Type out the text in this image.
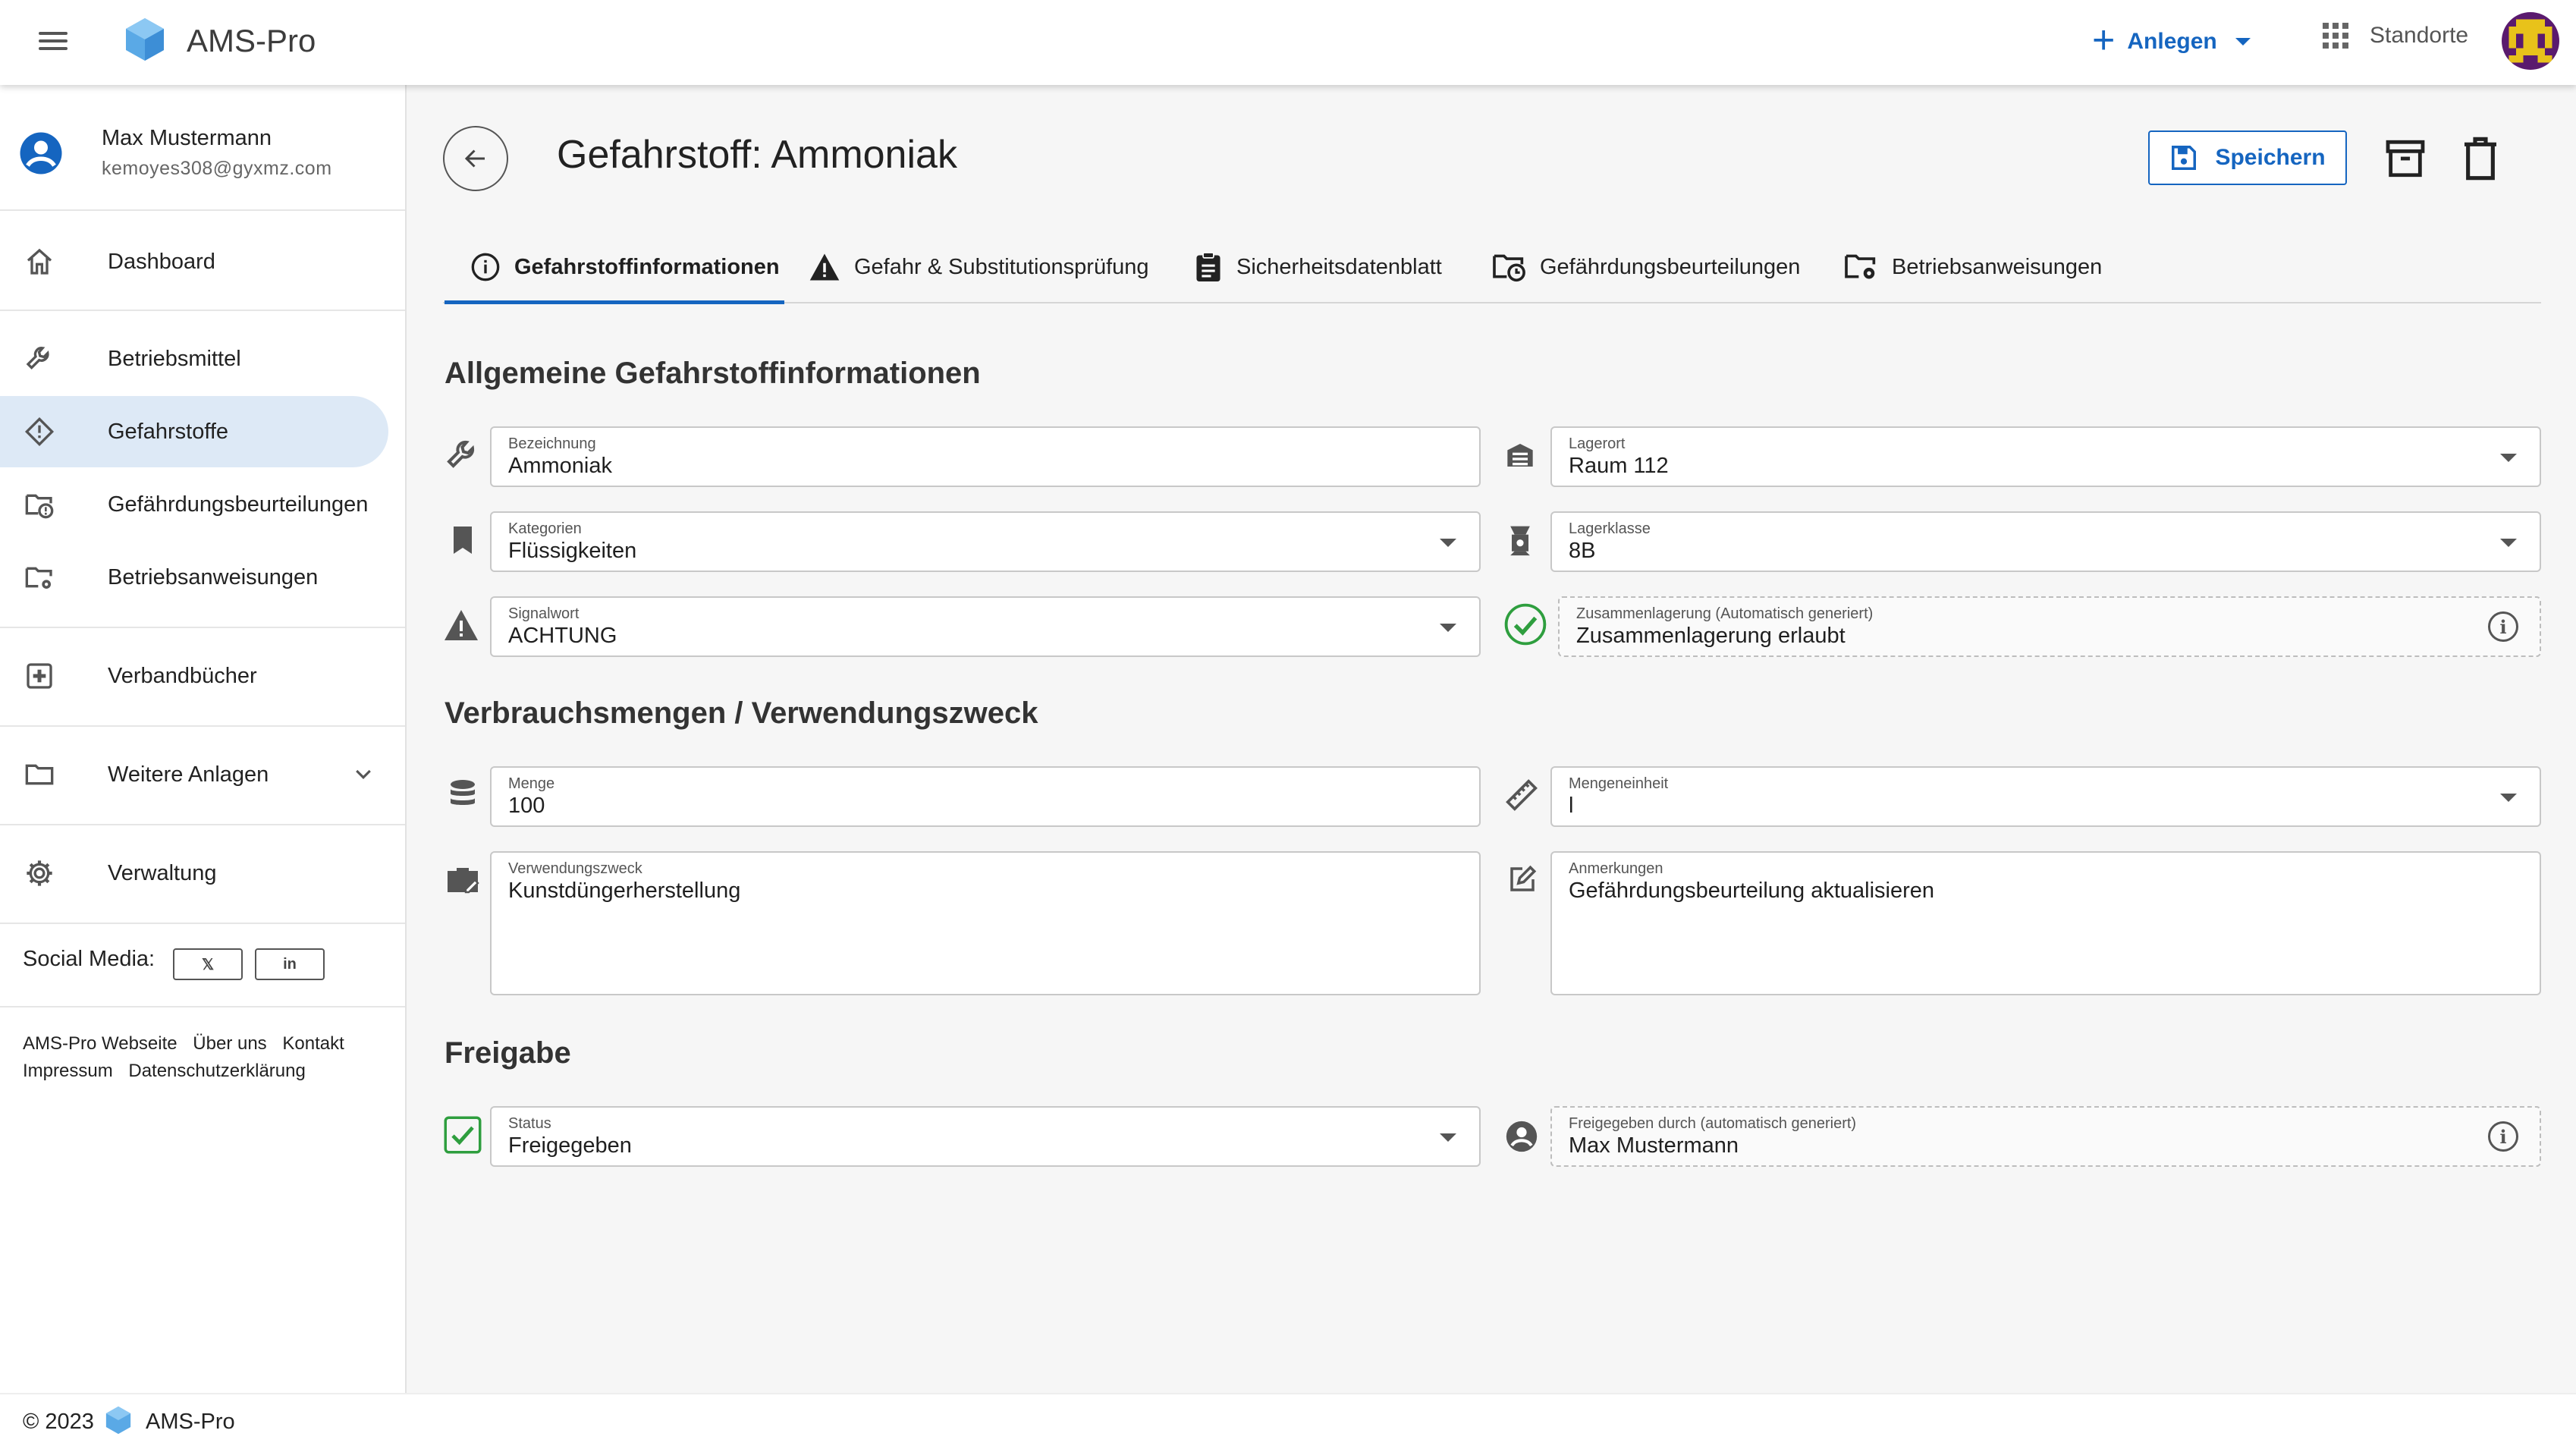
AMS-Pro	+ Anlegen	Standorte
Max Mustermann
kemoyes308@gyxmz.com
Dashboard
Betriebsmittel
Gefahrstoffe
Gefährdungsbeurteilungen
Betriebsanweisungen
Verbandbücher
Weitere Anlagen
Verwaltung
Social Media:	𝕏	in
AMS-Pro Webseite Über uns Kontakt
Impressum Datenschutzerklärung
© 2023 AMS-Pro
Gefahrstoff: Ammoniak	Speichern
Gefahrstoffinformationen	Gefahr & Substitutionsprüfung	Sicherheitsdatenblatt	Gefährdungsbeurteilungen	Betriebsanweisungen
Allgemeine Gefahrstoffinformationen
Bezeichnung
Ammoniak
Lagerort
Raum 112
Kategorien
Flüssigkeiten
Lagerklasse
8B
Signalwort
ACHTUNG
Zusammenlagerung (Automatisch generiert)
Zusammenlagerung erlaubt	i
Verbrauchsmengen / Verwendungszweck
Menge
100
Mengeneinheit
l
Verwendungszweck
Kunstdüngerherstellung
Anmerkungen
Gefährdungsbeurteilung aktualisieren
Freigabe
Status
Freigegeben
Freigegeben durch (automatisch generiert)
Max Mustermann	i
